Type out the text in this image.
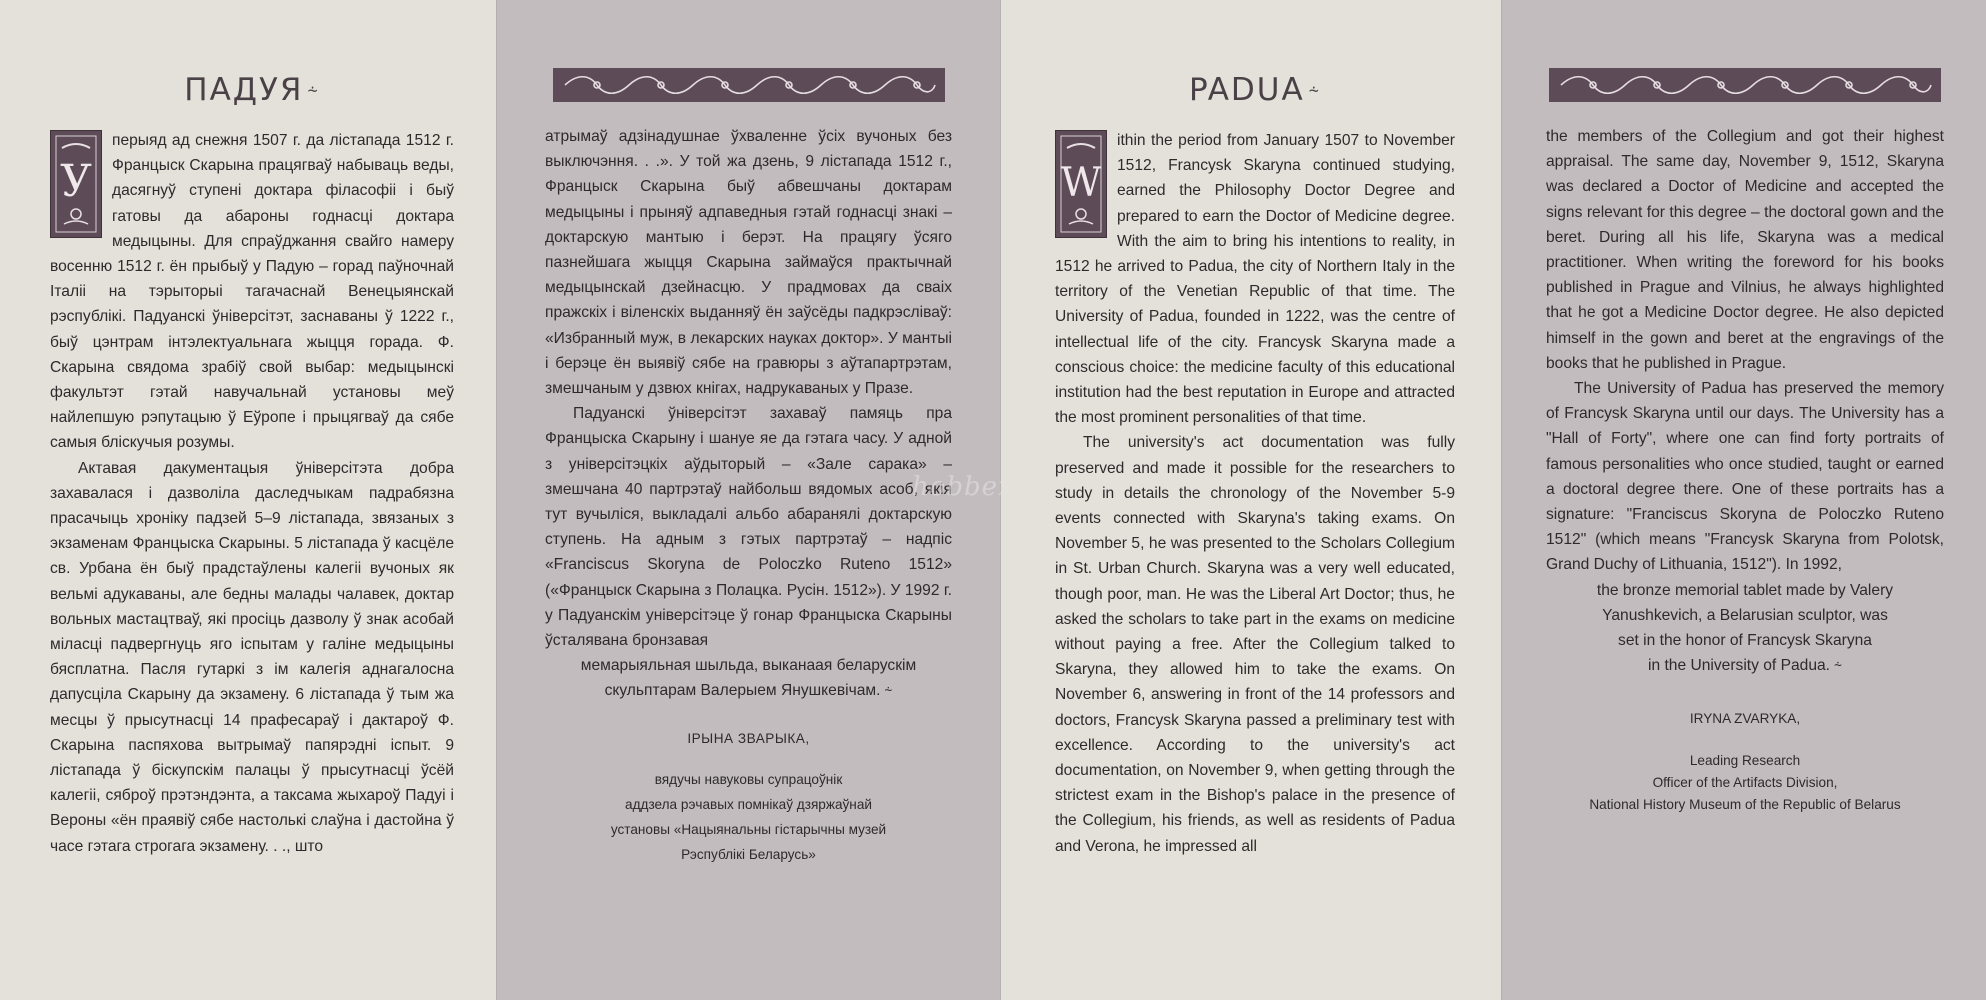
ПАДУЯ ⸞
У

перыяд ад снежня 1507 г. да лістапада 1512 г. Францыск Скарына працягваў набываць веды, дасягнуў ступені доктара філасофіі і быў гатовы да абароны годнасці доктара медыцыны. Для спраўджання свайго намеру восенню 1512 г. ён прыбыў у Падую – горад паўночнай Італіі на тэрыторыі тагачаснай Венецыянскай рэспублікі. Падуанскі ўніверсітэт, заснаваны ў 1222 г., быў цэнтрам інтэлектуальнага жыцця горада. Ф. Скарына свядома зрабіў свой выбар: медыцынскі факультэт гэтай навучальнай установы меў найлепшую рэпутацыю ў Еўропе і прыцягваў да сябе самыя бліскучыя розумы.

Актавая дакументацыя ўніверсітэта добра захавалася і дазволіла даследчыкам падрабязна прасачыць хроніку падзей 5–9 лістапада, звязаных з экзаменам Францыска Скарыны. 5 лістапада ў касцёле св. Урбана ён быў прадстаўлены калегіі вучоных як вельмі адукаваны, але бедны малады чалавек, доктар вольных мастацтваў, які просіць дазволу ў знак асобай міласці падвергнуць яго іспытам у галіне медыцыны бясплатна. Пасля гутаркі з ім калегія аднагалосна дапусціла Скарыну да экзамену. 6 лістапада ў тым жа месцы ў прысутнасці 14 прафесараў і дактароў Ф. Скарына паспяхова вытрымаў папярэдні іспыт. 9 лістапада ў біскупскім палацы ў прысутнасці ўсёй калегіі, сяброў прэтэндэнта, а таксама жыхароў Падуі і Вероны «ён праявіў сябе настолькі слаўна і дастойна ў часе гэтага строгага экзамену. . ., што

атрымаў адзінадушнае ўхваленне ўсіх вучоных без выключэння. . .». У той жа дзень, 9 лістапада 1512 г., Францыск Скарына быў абвешчаны доктарам медыцыны і прыняў адпаведныя гэтай годнасці знакі – доктарскую мантыю і берэт. На працягу ўсяго пазнейшага жыцця Скарына займаўся практычнай медыцынскай дзейнасцю. У прадмовах да сваіх пражскіх і віленскіх выданняў ён заўсёды падкрэсліваў: «Избранный муж, в лекарских науках доктор». У мантыі і берэце ён выявіў сябе на гравюры з аўтапартрэтам, змешчаным у дзвюх кнігах, надрукаваных у Празе.

Падуанскі ўніверсітэт захаваў памяць пра Францыска Скарыну і шануе яе да гэтага часу. У адной з універсітэцкіх аўдыторый – «Зале сарака» – змешчана 40 партрэтаў найбольш вядомых асоб, якія тут вучыліся, выкладалі альбо абаранялі доктарскую ступень. На адным з гэтых партрэтаў – надпіс «Franciscus Skoryna de Poloczko Ruteno 1512» («Францыск Скарына з Полацка. Русін. 1512»). У 1992 г. у Падуанскім універсітэце ў гонар Францыска Скарыны ўсталявана бронзавая

мемарыяльная шыльда, выканаая беларускім
скульптарам Валерыем Янушкевічам. ⸞
ІРЫНА ЗВАРЫКА,
вядучы навуковы супрацоўнік
аддзела рэчавых помнікаў дзяржаўнай
установы «Нацыянальны гістарычны музей
Рэспублікі Беларусь»
PADUA ⸞
W

ithin the period from January 1507 to November 1512, Francysk Skaryna continued studying, earned the Philosophy Doctor Degree and prepared to earn the Doctor of Medicine degree. With the aim to bring his intentions to reality, in 1512 he arrived to Padua, the city of Northern Italy in the territory of the Venetian Republic of that time. The University of Padua, founded in 1222, was the centre of intellectual life of the city. Francysk Skaryna made a conscious choice: the medicine faculty of this educational institution had the best reputation in Europe and attracted the most prominent personalities of that time.

The university's act documentation was fully preserved and made it possible for the researchers to study in details the chronology of the November 5-9 events connected with Skaryna's taking exams. On November 5, he was presented to the Scholars Collegium in St. Urban Church. Skaryna was a very well educated, though poor, man. He was the Liberal Art Doctor; thus, he asked the scholars to take part in the exams on medicine without paying a free. After the Collegium talked to Skaryna, they allowed him to take the exams. On November 6, answering in front of the 14 professors and doctors, Francysk Skaryna passed a preliminary test with excellence. According to the university's act documentation, on November 9, when getting through the strictest exam in the Bishop's palace in the presence of the Collegium, his friends, as well as residents of Padua and Verona, he impressed all

the members of the Collegium and got their highest appraisal. The same day, November 9, 1512, Skaryna was declared a Doctor of Medicine and accepted the signs relevant for this degree – the doctoral gown and the beret. During all his life, Skaryna was a medical practitioner. When writing the foreword for his books published in Prague and Vilnius, he always highlighted that he got a Medicine Doctor degree. He also depicted himself in the gown and beret at the engravings of the books that he published in Prague.

The University of Padua has preserved the memory of Francysk Skaryna until our days. The University has a "Hall of Forty", where one can find forty portraits of famous personalities who once studied, taught or earned a doctoral degree there. One of these portraits has a signature: "Franciscus Skoryna de Poloczko Ruteno 1512" (which means "Francysk Skaryna from Polotsk, Grand Duchy of Lithuania, 1512"). In 1992,

the bronze memorial tablet made by Valery
Yanushkevich, a Belarusian sculptor, was
set in the honor of Francysk Skaryna
in the University of Padua. ⸞
IRYNA ZVARYKA,
Leading Research
Officer of the Artifacts Division,
National History Museum of the Republic of Belarus
hobbex
